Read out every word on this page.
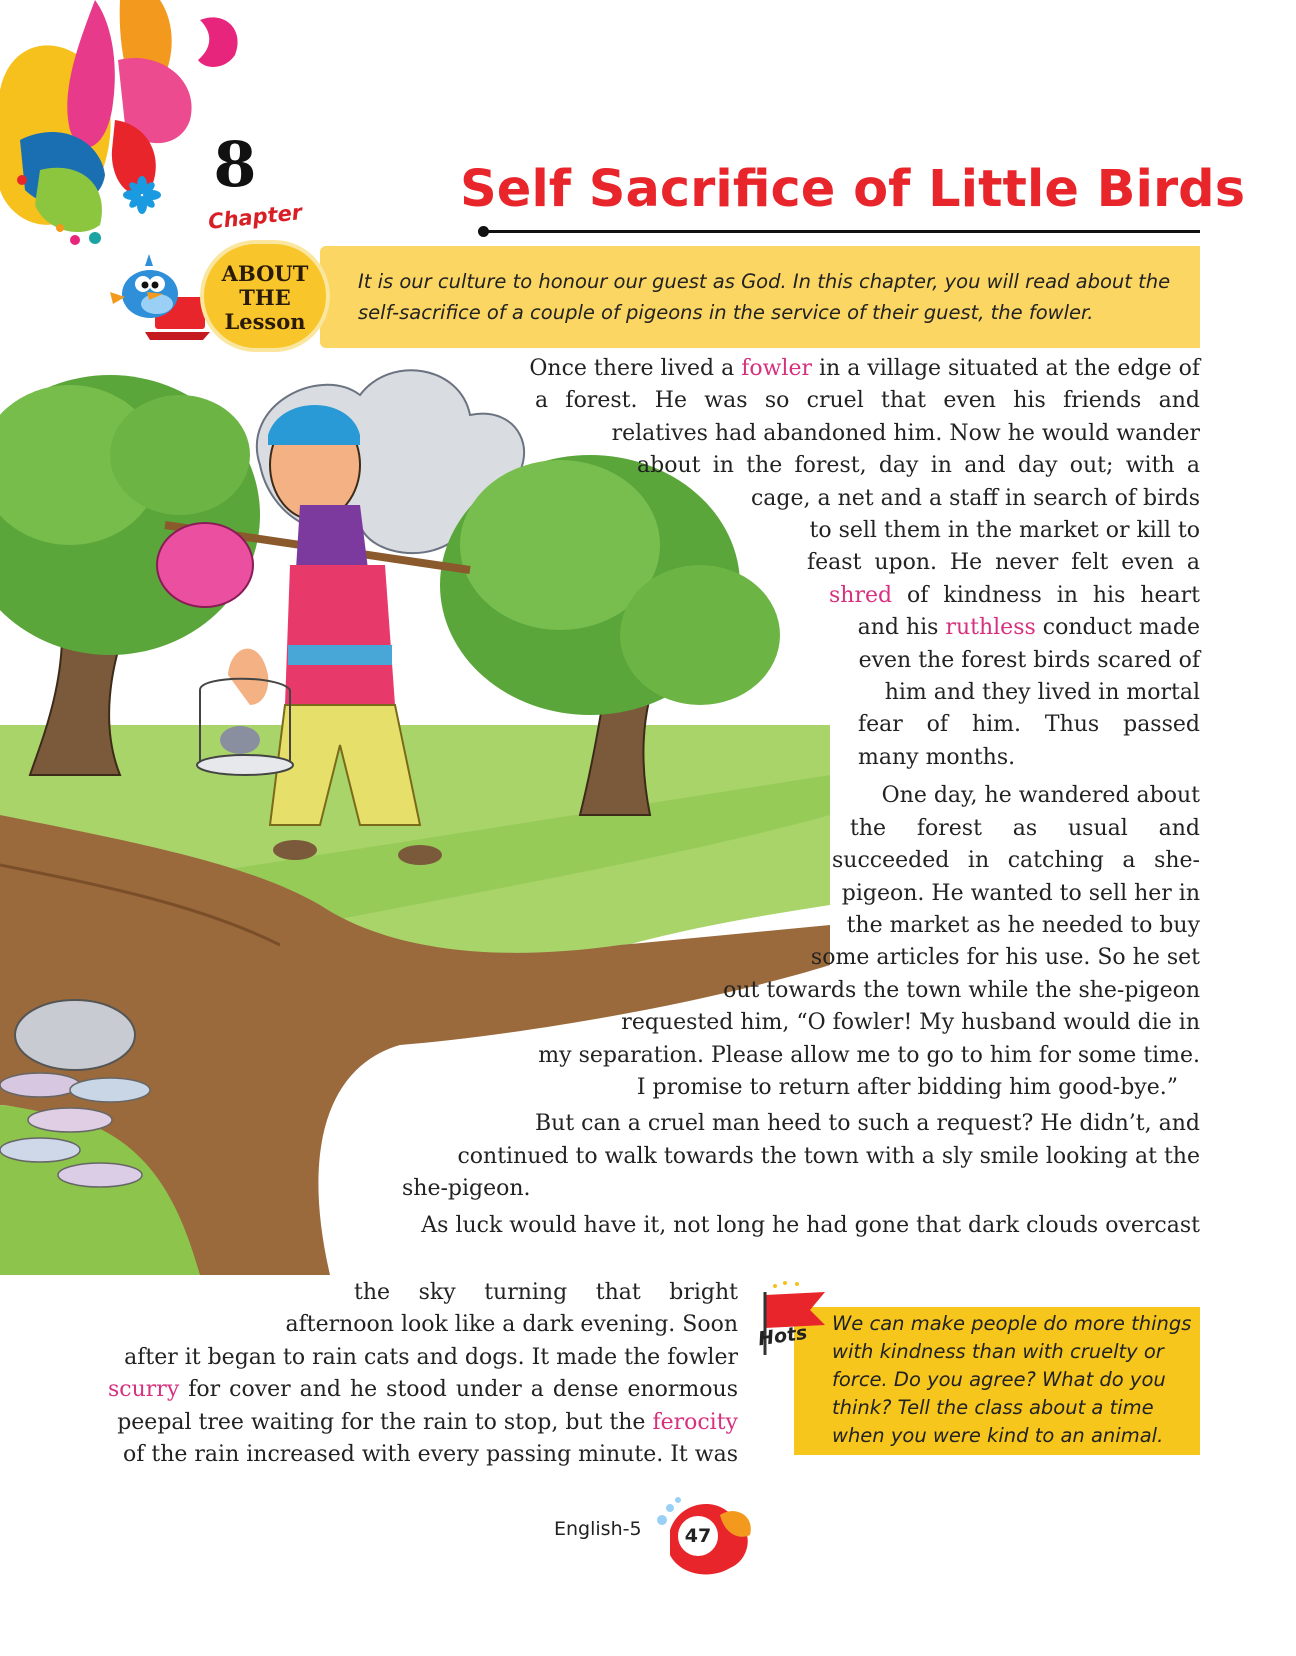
8
Chapter	Self Sacrifice of Little Birds
ABOUT
THE
Lesson
It is our culture to honour our guest as God. In this chapter, you will read about the
self-sacrifice of a couple of pigeons in the service of their guest, the fowler.
Once there lived a fowler in a village situated at the edge of
a forest. He was so cruel that even his friends and
relatives had abandoned him. Now he would wander
about in the forest, day in and day out; with a
cage, a net and a staff in search of birds
to sell them in the market or kill to
feast upon. He never felt even a
shred of kindness in his heart
and his ruthless conduct made
even the forest birds scared of
him and they lived in mortal
fear of him. Thus passed
many months.
One day, he wandered about
the forest as usual and
succeeded in catching a she-
pigeon. He wanted to sell her in
the market as he needed to buy
some articles for his use. So he set
out towards the town while the she-pigeon
requested him, “O fowler! My husband would die in
my separation. Please allow me to go to him for some time.
I promise to return after bidding him good-bye.”
But can a cruel man heed to such a request? He didn’t, and
continued to walk towards the town with a sly smile looking at the
she-pigeon.
As luck would have it, not long he had gone that dark clouds overcast
the sky turning that bright
afternoon look like a dark evening. Soon
after it began to rain cats and dogs. It made the fowler
scurry for cover and he stood under a dense enormous
peepal tree waiting for the rain to stop, but the ferocity
of the rain increased with every passing minute. It was
Hots We can make people do more things
with kindness than with cruelty or
force. Do you agree? What do you
think? Tell the class about a time
when you were kind to an animal.
English-5	47
